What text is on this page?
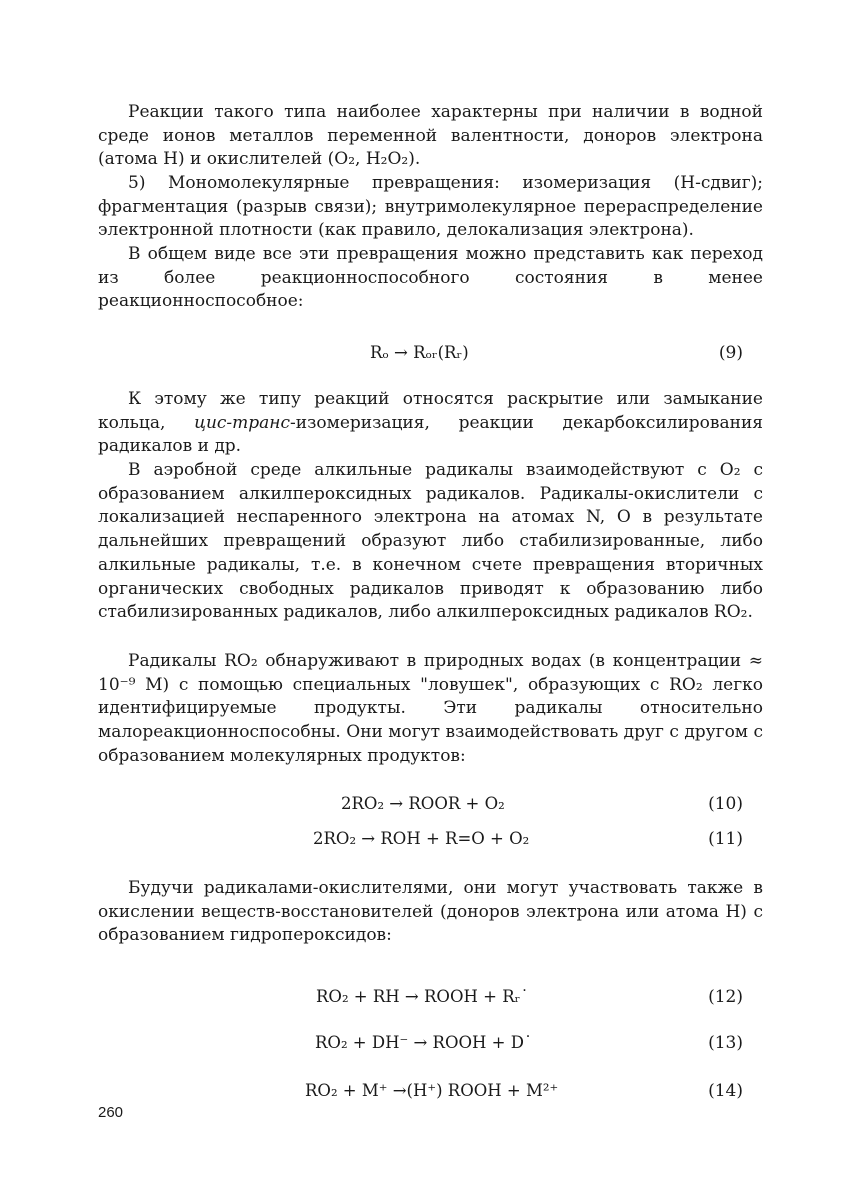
Реакции такого типа наиболее характерны при наличии в водной среде ионов металлов переменной валентности, доноров электрона (атома H) и окислителей (O₂, H₂O₂).

5) Мономолекулярные превращения: изомеризация (H-сдвиг); фрагментация (разрыв связи); внутримолекулярное перераспределение электронной плотности (как правило, делокализация электрона).

В общем виде все эти превращения можно представить как переход из более реакционноспособного состояния в менее реакционноспособное:

Rₒ → Rₒᵣ(Rᵣ)	(9)

К этому же типу реакций относятся раскрытие или замыкание кольца, цис-транс-изомеризация, реакции декарбоксилирования радикалов и др.

В аэробной среде алкильные радикалы взаимодействуют с O₂ с образованием алкилпероксидных радикалов. Радикалы-окислители с локализацией неспаренного электрона на атомах N, O в результате дальнейших превращений образуют либо стабилизированные, либо алкильные радикалы, т.е. в конечном счете превращения вторичных органических свободных радикалов приводят к образованию либо стабилизированных радикалов, либо алкилпероксидных радикалов RO₂.

Радикалы RO₂ обнаруживают в природных водах (в концентрации ≈ 10⁻⁹ M) с помощью специальных "ловушек", образующих с RO₂ легко идентифицируемые продукты. Эти радикалы относительно малореакционноспособны. Они могут взаимодействовать друг с другом с образованием молекулярных продуктов:

2RO₂ → ROOR + O₂	(10)
2RO₂ → ROH + R=O + O₂	(11)

Будучи радикалами-окислителями, они могут участвовать также в окислении веществ-восстановителей (доноров электрона или атома H) с образованием гидропероксидов:

RO₂ + RH → ROOH + Rᵣ˙	(12)
RO₂ + DH⁻ → ROOH + D˙	(13)
RO₂ + M⁺ →(H⁺) ROOH + M²⁺	(14)
260
